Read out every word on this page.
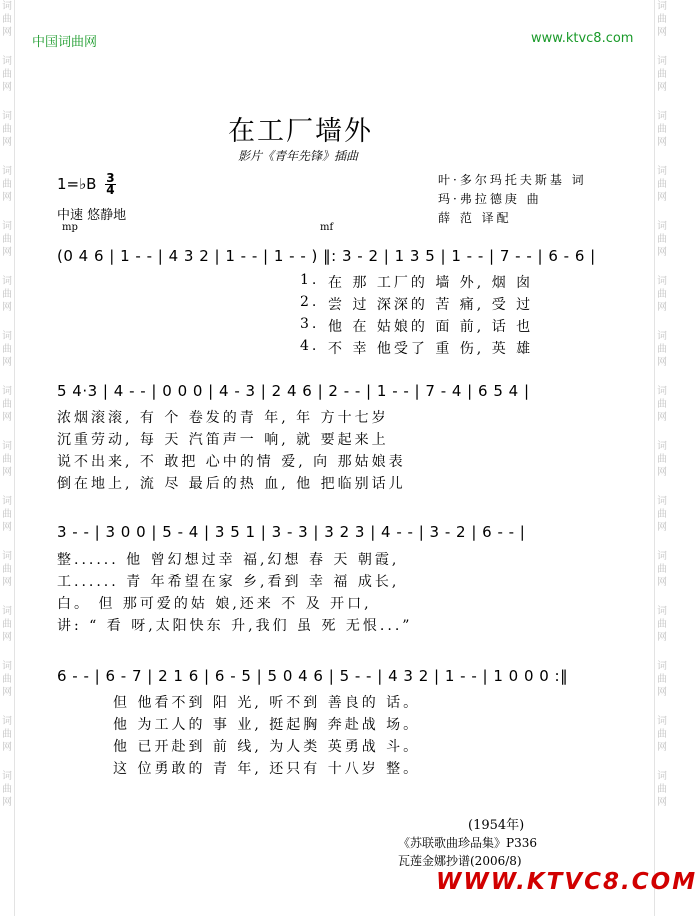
词
曲
网
词
曲
网
词
曲
网
词
曲
网
词
曲
网
词
曲
网
词
曲
网
词
曲
网
词
曲
网
词
曲
网
词
曲
网
词
曲
网
词
曲
网
词
曲
网
词
曲
网
词
曲
网
词
曲
网
词
曲
网
词
曲
网
词
曲
网
词
曲
网
词
曲
网
词
曲
网
词
曲
网
词
曲
网
词
曲
网
词
曲
网
词
曲
网
词
曲
网
词
曲
网
中国词曲网	www.ktvc8.com
在工厂墙外
影片《青年先锋》插曲
叶·多尔玛托夫斯基 词
玛·弗拉德庚 曲
薛 范 译配
1=♭B $\frac{3}{4}$
中速 悠静地
mp	mf
(0 4 6 | 1 - - | 4 3 2 | 1 - - | 1 - - ) ‖: 3 - 2 | 1 3 5 | 1 - - | 7 - - | 6 - 6 |
1.
2.
3.
4.
在 那 工厂的 墙 外, 烟 囱
尝 过 深深的 苦 痛, 受 过
他 在 姑娘的 面 前, 话 也
不 幸 他受了 重 伤, 英 雄
5 4·3 | 4 - - | 0 0 0 | 4 - 3 | 2 4 6 | 2 - - | 1 - - | 7 - 4 | 6 5 4 |
浓烟滚滚, 有 个 卷发的青 年, 年 方十七岁
沉重劳动, 每 天 汽笛声一 响, 就 要起来上
说不出来, 不 敢把 心中的情 爱, 向 那姑娘表
倒在地上, 流 尽 最后的热 血, 他 把临别话儿
3 - - | 3 0 0 | 5 - 4 | 3 5 1 | 3 - 3 | 3 2 3 | 4 - - | 3 - 2 | 6 - - |
整...... 他 曾幻想过幸 福,幻想 春 天 朝霞,
工...... 青 年希望在家 乡,看到 幸 福 成长,
白。 但 那可爱的姑 娘,还来 不 及 开口,
讲: “ 看 呀,太阳快东 升,我们 虽 死 无恨...”
6 - - | 6 - 7 | 2 1 6 | 6 - 5 | 5 0 4 6 | 5 - - | 4 3 2 | 1 - - | 1 0 0 0 :‖
但 他看不到 阳 光, 听不到 善良的 话。
他 为工人的 事 业, 挺起胸 奔赴战 场。
他 已开赴到 前 线, 为人类 英勇战 斗。
这 位勇敢的 青 年, 还只有 十八岁 整。
(1954年)
《苏联歌曲珍品集》P336
瓦莲金娜抄谱(2006/8)
WWW.KTVC8.COM
